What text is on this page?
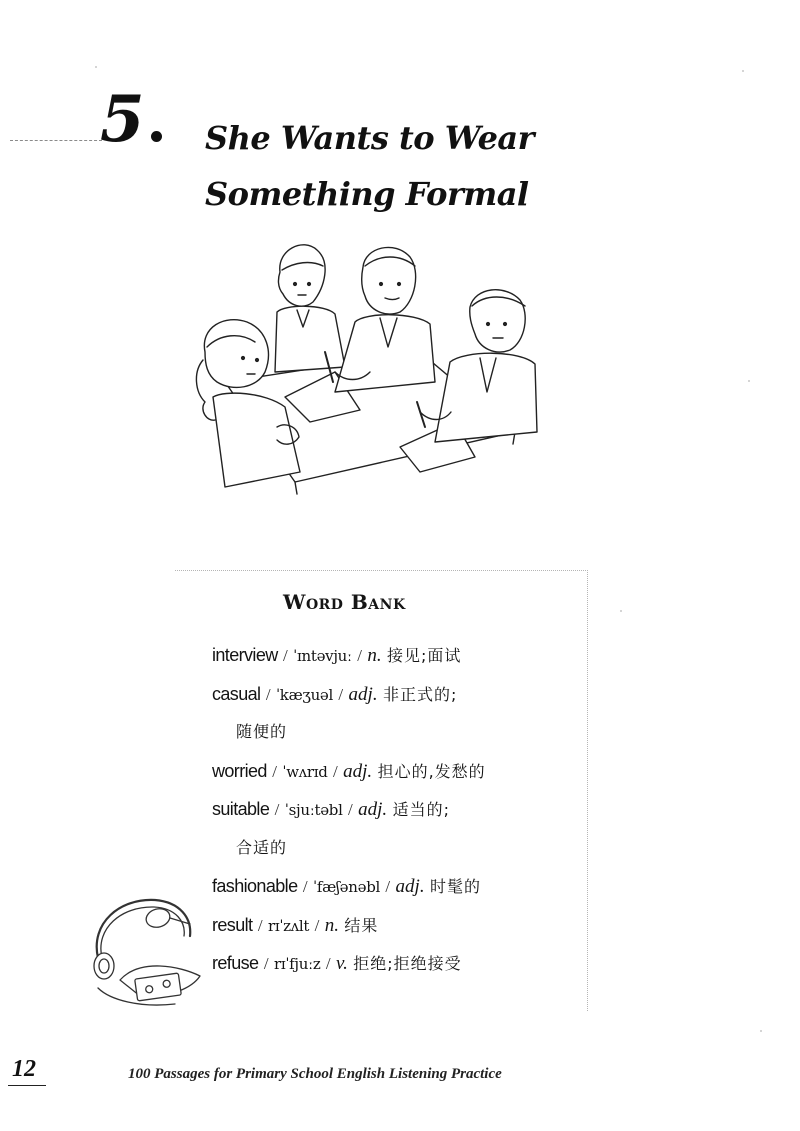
5 She Wants to Wear Something Formal
Word Bank
interview / ˈɪntəvjuː / n. 接见;面试
casual / ˈkæʒuəl / adj. 非正式的;
随便的
worried / ˈwʌrɪd / adj. 担心的,发愁的
suitable / ˈsjuːtəbl / adj. 适当的;
合适的
fashionable / ˈfæʃənəbl / adj. 时髦的
result / rɪˈzʌlt / n. 结果
refuse / rɪˈfjuːz / v. 拒绝;拒绝接受
12	100 Passages for Primary School English Listening Practice
